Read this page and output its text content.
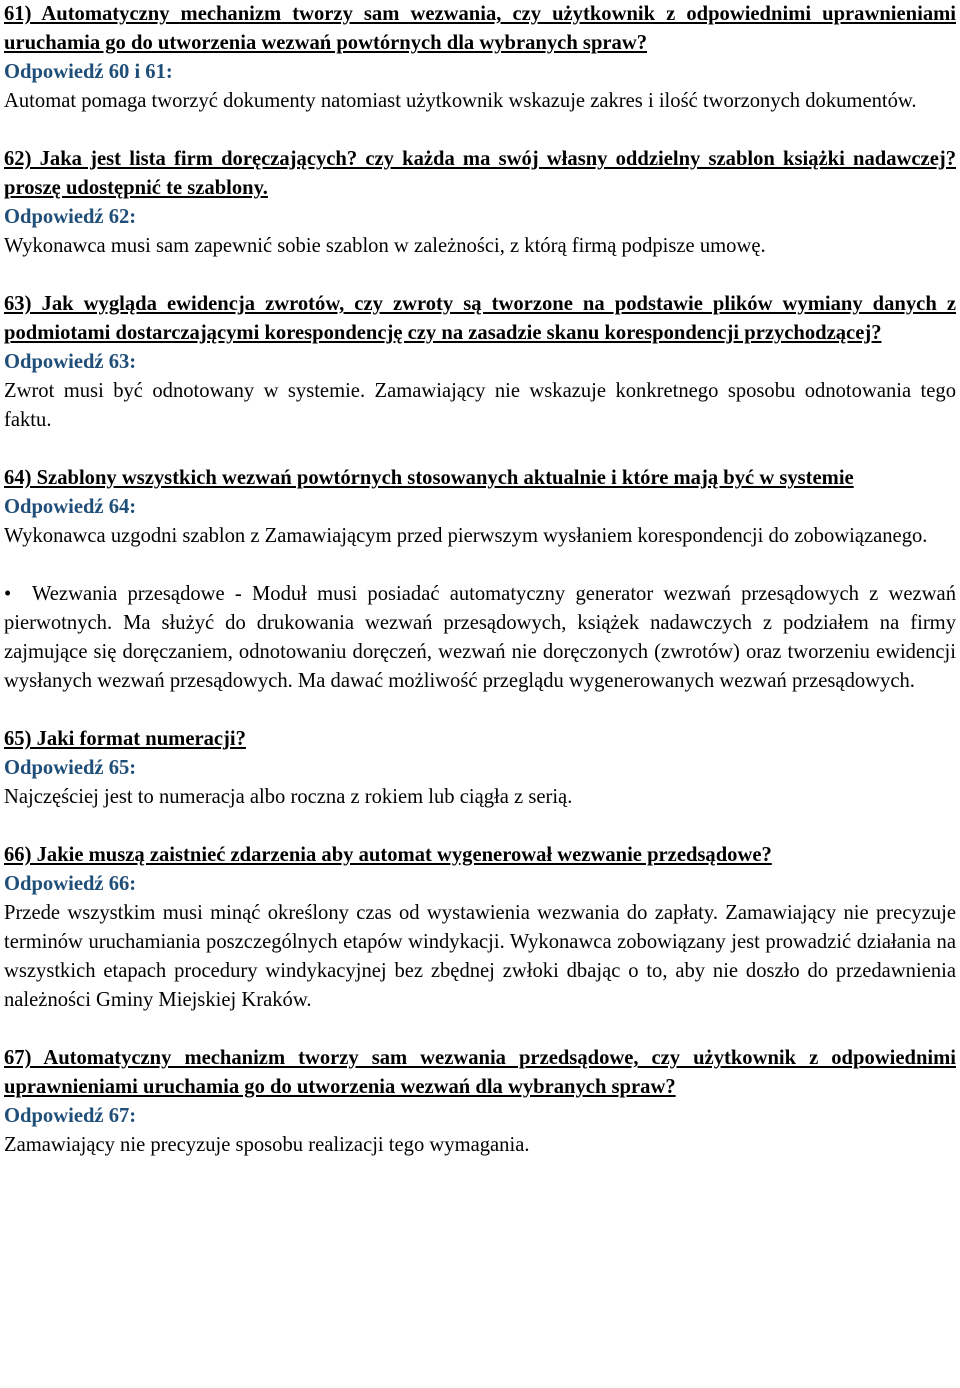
61) Automatyczny mechanizm tworzy sam wezwania, czy użytkownik z odpowiednimi uprawnieniami uruchamia go do utworzenia wezwań powtórnych dla wybranych spraw?

Odpowiedź 60 i 61:

Automat pomaga tworzyć dokumenty natomiast użytkownik wskazuje zakres i ilość tworzonych dokumentów.

62) Jaka jest lista firm doręczających? czy każda ma swój własny oddzielny szablon książki nadawczej? proszę udostępnić te szablony.

Odpowiedź 62:

Wykonawca musi sam zapewnić sobie szablon w zależności, z którą firmą podpisze umowę.

63) Jak wygląda ewidencja zwrotów, czy zwroty są tworzone na podstawie plików wymiany danych z podmiotami dostarczającymi korespondencję czy na zasadzie skanu korespondencji przychodzącej?

Odpowiedź 63:

Zwrot musi być odnotowany w systemie. Zamawiający nie wskazuje konkretnego sposobu odnotowania tego faktu.

64) Szablony wszystkich wezwań powtórnych stosowanych aktualnie i które mają być w systemie

Odpowiedź 64:

Wykonawca uzgodni szablon z Zamawiającym przed pierwszym wysłaniem korespondencji do zobowiązanego.

• Wezwania przesądowe - Moduł musi posiadać automatyczny generator wezwań przesądowych z wezwań pierwotnych. Ma służyć do drukowania wezwań przesądowych, książek nadawczych z podziałem na firmy zajmujące się doręczaniem, odnotowaniu doręczeń, wezwań nie doręczonych (zwrotów) oraz tworzeniu ewidencji wysłanych wezwań przesądowych. Ma dawać możliwość przeglądu wygenerowanych wezwań przesądowych.

65) Jaki format numeracji?

Odpowiedź 65:

Najczęściej jest to numeracja albo roczna z rokiem lub ciągła z serią.

66) Jakie muszą zaistnieć zdarzenia aby automat wygenerował wezwanie przedsądowe?

Odpowiedź 66:

Przede wszystkim musi minąć określony czas od wystawienia wezwania do zapłaty. Zamawiający nie precyzuje terminów uruchamiania poszczególnych etapów windykacji. Wykonawca zobowiązany jest prowadzić działania na wszystkich etapach procedury windykacyjnej bez zbędnej zwłoki dbając o to, aby nie doszło do przedawnienia należności Gminy Miejskiej Kraków.

67) Automatyczny mechanizm tworzy sam wezwania przedsądowe, czy użytkownik z odpowiednimi uprawnieniami uruchamia go do utworzenia wezwań dla wybranych spraw?

Odpowiedź 67:

Zamawiający nie precyzuje sposobu realizacji tego wymagania.
